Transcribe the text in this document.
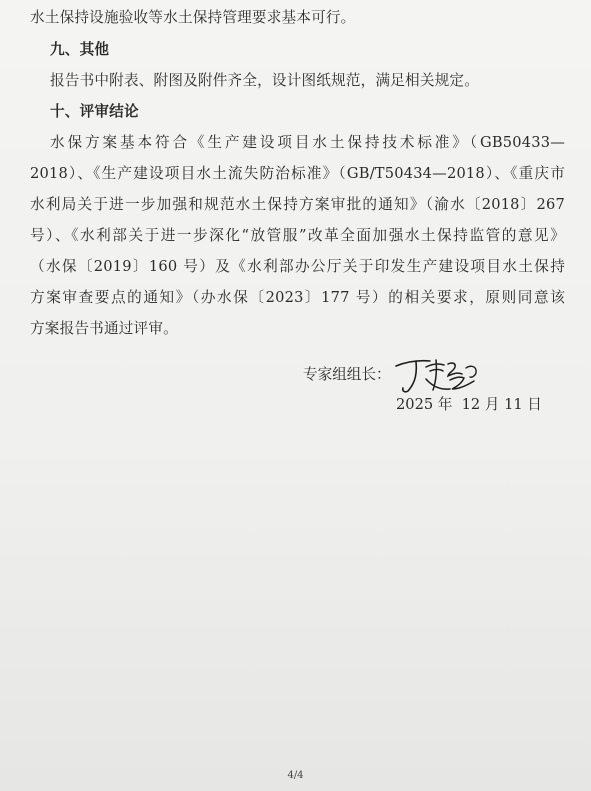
水土保持设施验收等水土保持管理要求基本可行。
九、其他
报告书中附表、附图及附件齐全，设计图纸规范，满足相关规定。
十、评审结论
水保方案基本符合《生产建设项目水土保持技术标准》（GB50433—
2018）、《生产建设项目水土流失防治标准》（GB/T50434—2018）、《重庆市
水利局关于进一步加强和规范水土保持方案审批的通知》（渝水〔2018〕267
号）、《水利部关于进一步深化“放管服”改革全面加强水土保持监管的意见》
（水保〔2019〕160 号）及《水利部办公厅关于印发生产建设项目水土保持
方案审查要点的通知》（办水保〔2023〕177 号）的相关要求，原则同意该
方案报告书通过评审。
专家组组长：
2025 年  12 月 11 日
4/4
